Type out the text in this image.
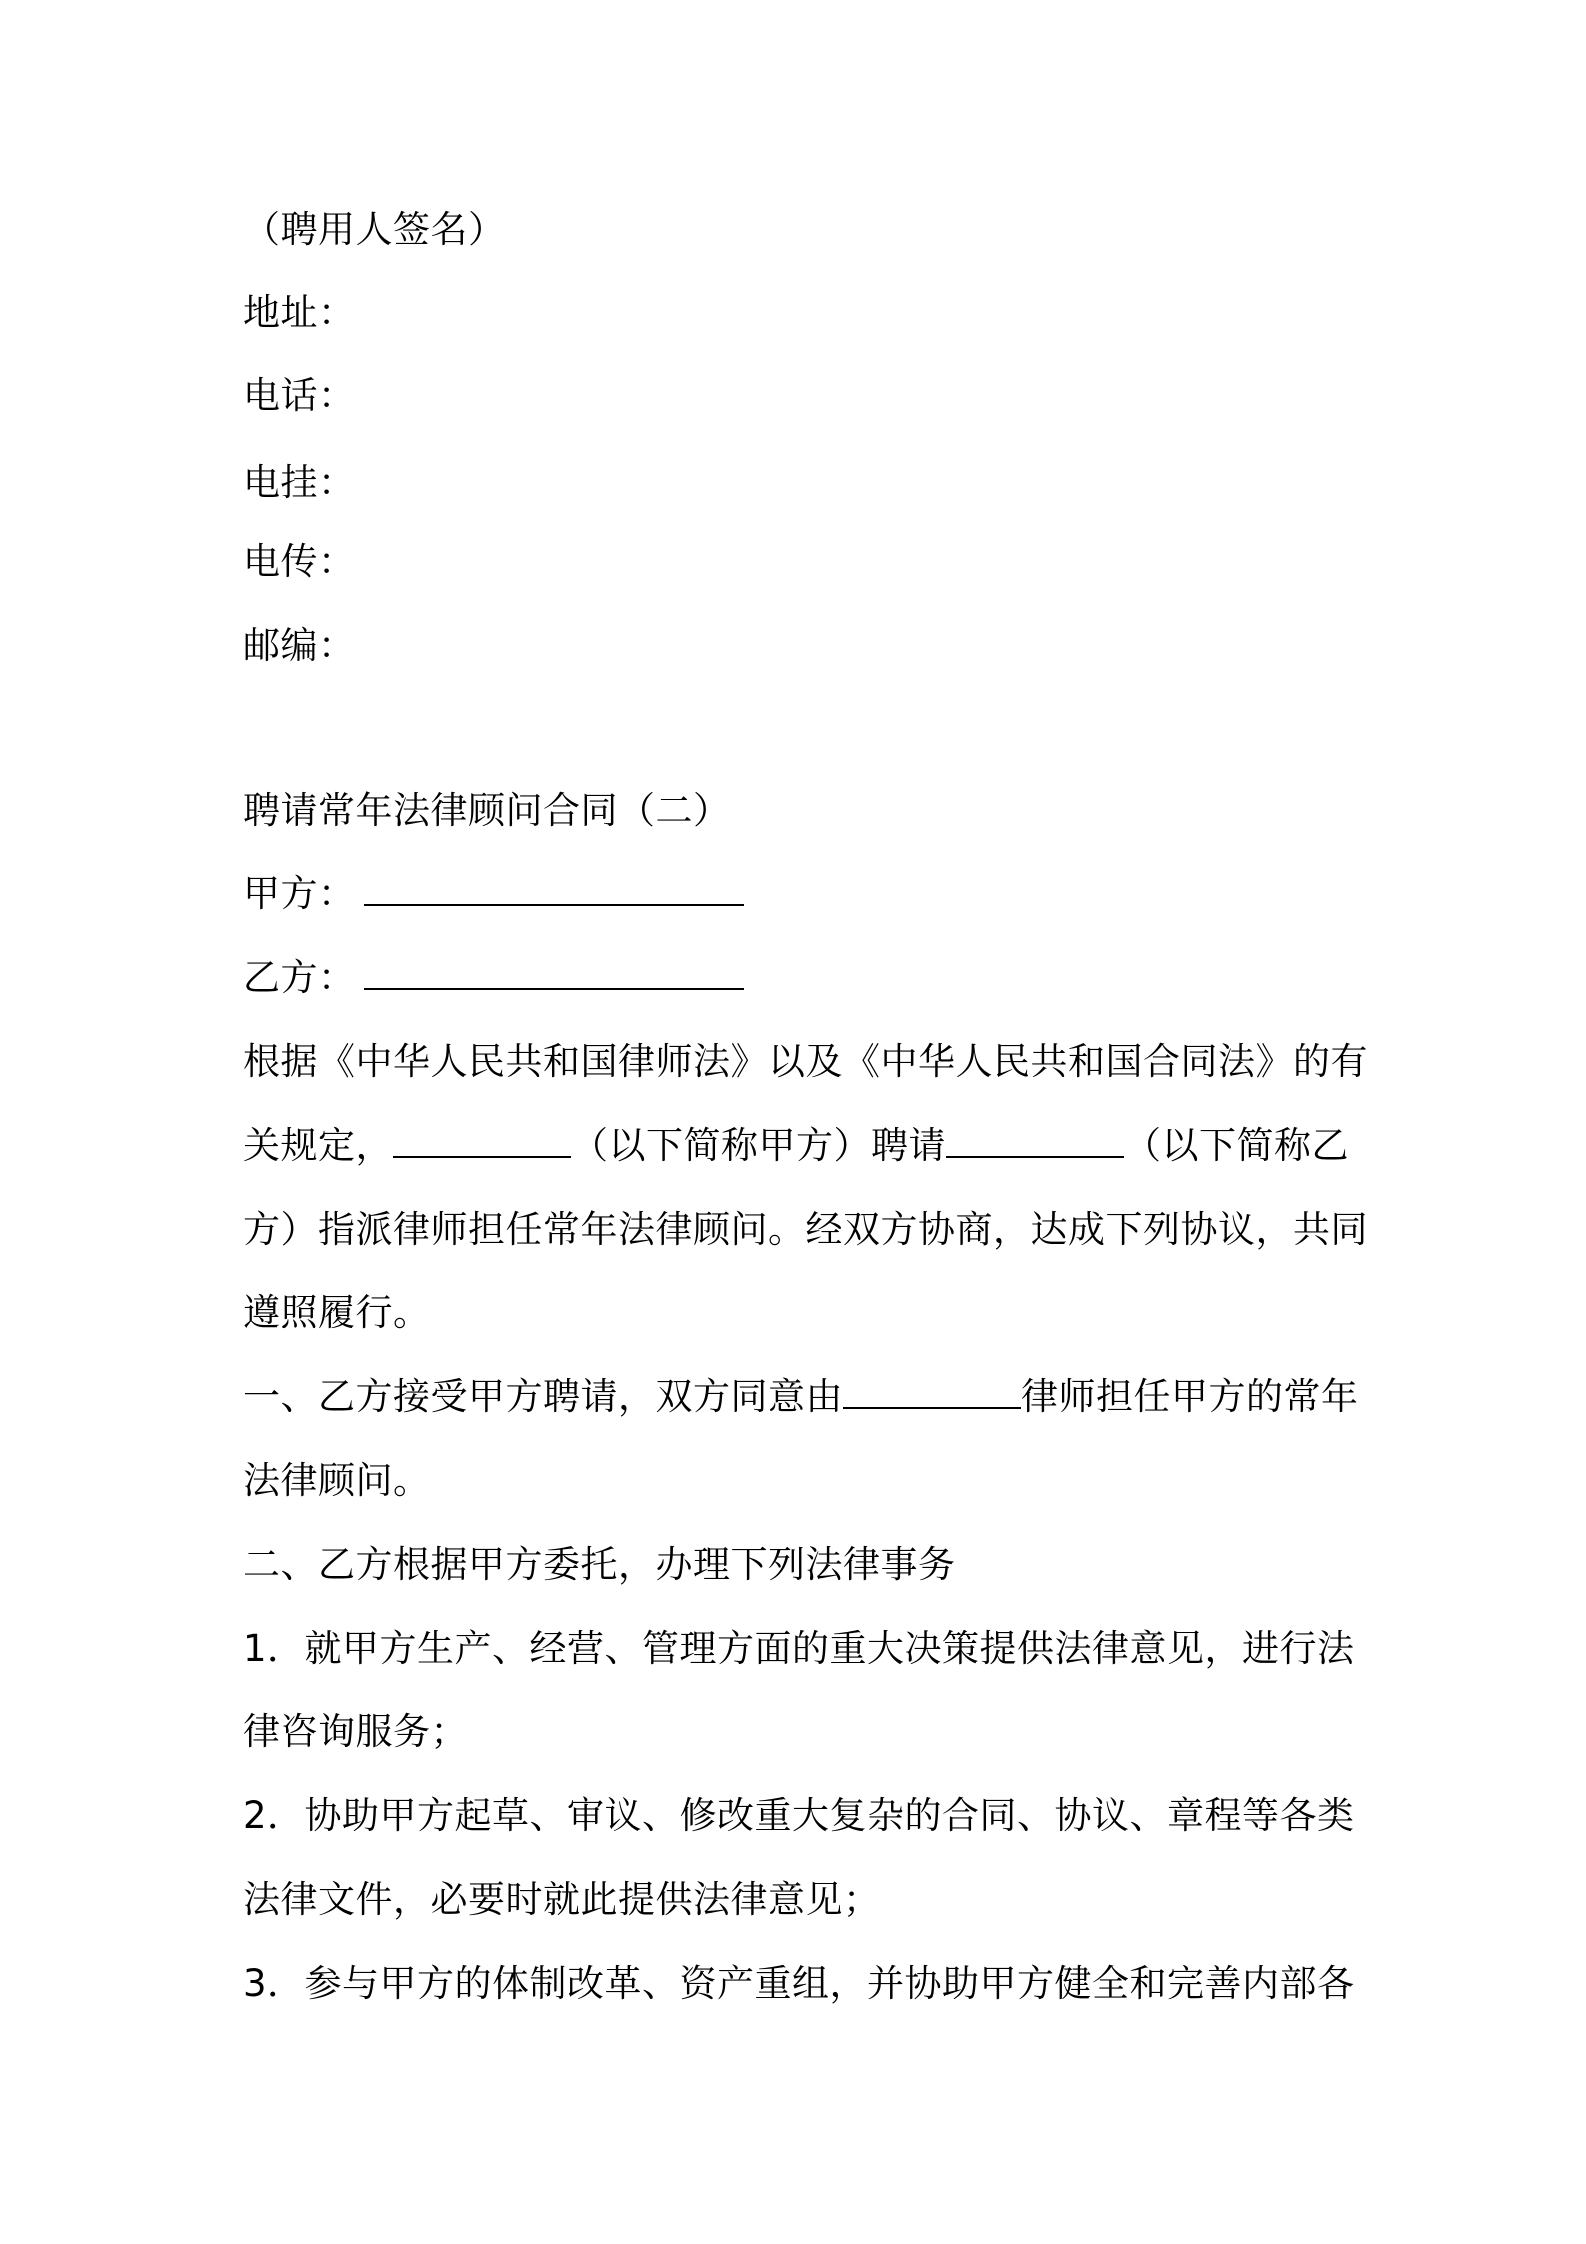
（聘用人签名）
地址：
电话：
电挂：
电传：
邮编：
聘请常年法律顾问合同（二）
甲方：
乙方：
根据《中华人民共和国律师法》以及《中华人民共和国合同法》的有
关规定，	（以下简称甲方）聘请	（以下简称乙
方）指派律师担任常年法律顾问。经双方协商，达成下列协议，共同
遵照履行。
一、乙方接受甲方聘请，双方同意由	律师担任甲方的常年
法律顾问。
二、乙方根据甲方委托，办理下列法律事务
1．就甲方生产、经营、管理方面的重大决策提供法律意见，进行法
律咨询服务；
2．协助甲方起草、审议、修改重大复杂的合同、协议、章程等各类
法律文件，必要时就此提供法律意见；
3．参与甲方的体制改革、资产重组，并协助甲方健全和完善内部各
